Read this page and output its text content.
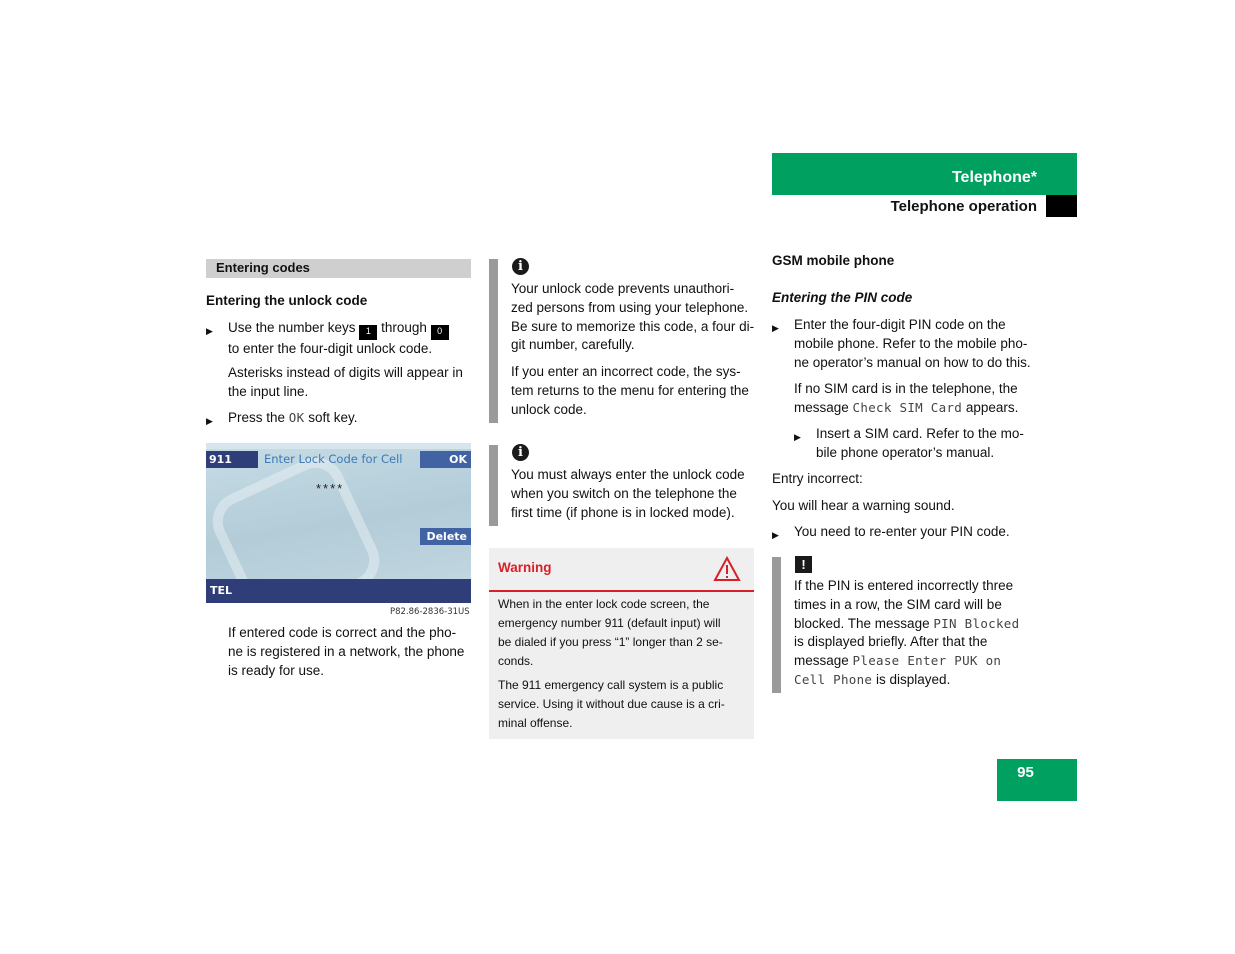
Telephone*
Telephone operation
Entering codes
Entering the unlock code
▶ Use the number keys 1 through 0
to enter the four-digit unlock code.
Asterisks instead of digits will appear in
the input line.
▶ Press the OK soft key.
911	Enter Lock Code for Cell	OK
****
Delete
TEL
P82.86-2836-31US
If entered code is correct and the pho-
ne is registered in a network, the phone
is ready for use.
i
Your unlock code prevents unauthori-
zed persons from using your telephone.
Be sure to memorize this code, a four di-
git number, carefully.
If you enter an incorrect code, the sys-
tem returns to the menu for entering the
unlock code.
i
You must always enter the unlock code
when you switch on the telephone the
first time (if phone is in locked mode).
Warning
When in the enter lock code screen, the
emergency number 911 (default input) will
be dialed if you press “1” longer than 2 se-
conds.
The 911 emergency call system is a public
service. Using it without due cause is a cri-
minal offense.
GSM mobile phone
Entering the PIN code
▶ Enter the four-digit PIN code on the
mobile phone. Refer to the mobile pho-
ne operator’s manual on how to do this.
If no SIM card is in the telephone, the
message Check SIM Card appears.
▶ Insert a SIM card. Refer to the mo-
bile phone operator’s manual.
Entry incorrect:
You will hear a warning sound.
▶ You need to re-enter your PIN code.
!
If the PIN is entered incorrectly three
times in a row, the SIM card will be
blocked. The message PIN Blocked
is displayed briefly. After that the
message Please Enter PUK on
Cell Phone is displayed.
95
